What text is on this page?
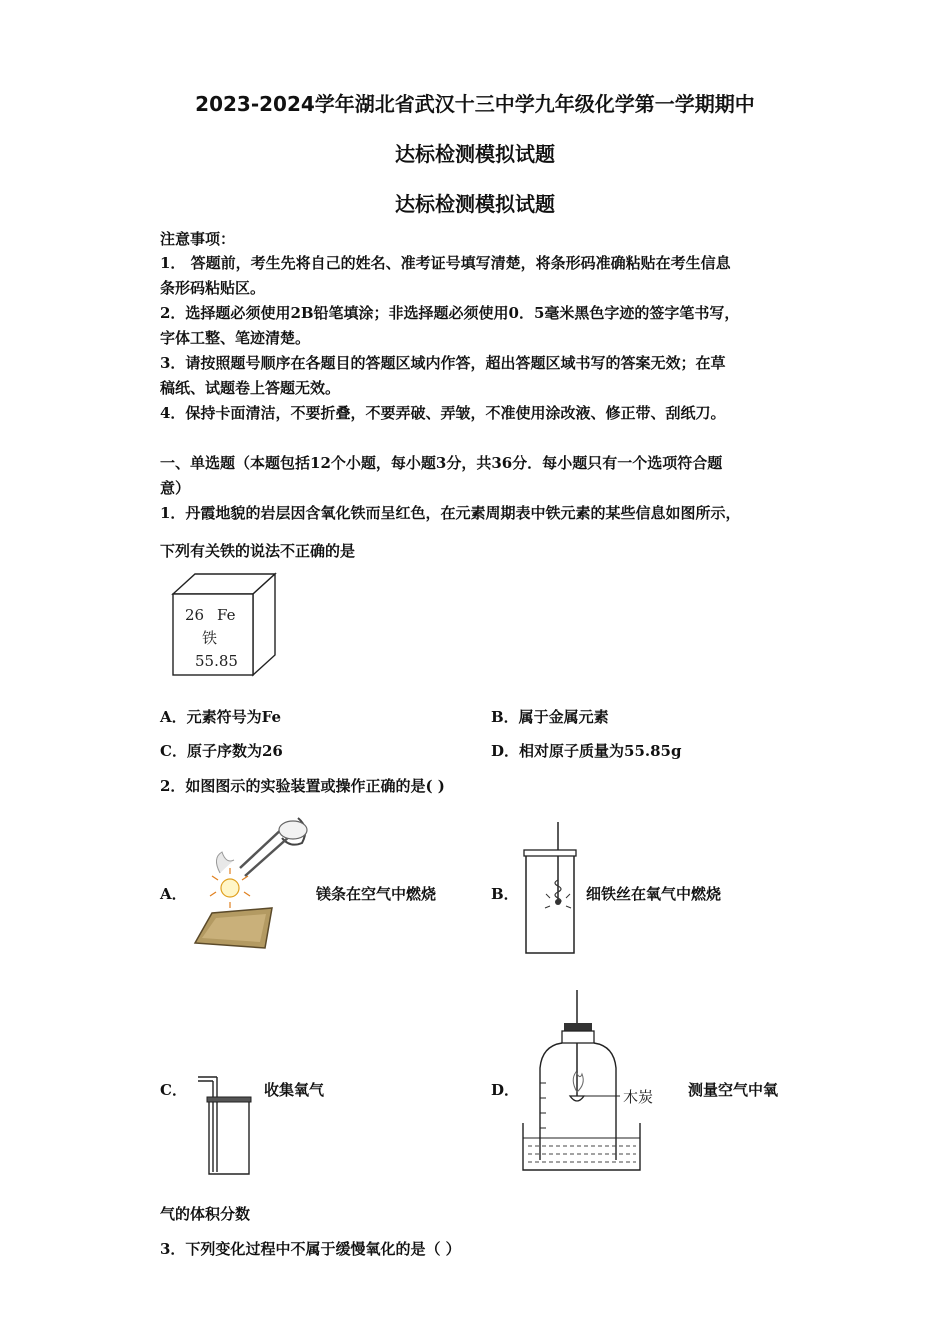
2023-2024学年湖北省武汉十三中学九年级化学第一学期期中
达标检测模拟试题
达标检测模拟试题
注意事项：
1． 答题前，考生先将自己的姓名、准考证号填写清楚，将条形码准确粘贴在考生信息
条形码粘贴区。
2．选择题必须使用2B铅笔填涂；非选择题必须使用0．5毫米黑色字迹的签字笔书写，
字体工整、笔迹清楚。
3．请按照题号顺序在各题目的答题区域内作答，超出答题区域书写的答案无效；在草
稿纸、试题卷上答题无效。
4．保持卡面清洁，不要折叠，不要弄破、弄皱，不准使用涂改液、修正带、刮纸刀。
一、单选题（本题包括12个小题，每小题3分，共36分．每小题只有一个选项符合题
意）
1．丹霞地貌的岩层因含氧化铁而呈红色，在元素周期表中铁元素的某些信息如图所示，
下列有关铁的说法不正确的是
26 Fe
铁
55.85
A．元素符号为Fe	B．属于金属元素
C．原子序数为26	D．相对原子质量为55.85g
2．如图图示的实验装置或操作正确的是( )
A．	镁条在空气中燃烧	B．	细铁丝在氧气中燃烧
C．	收集氧气	D．	木炭 测量空气中氧
气的体积分数
3．下列变化过程中不属于缓慢氧化的是（ ）
